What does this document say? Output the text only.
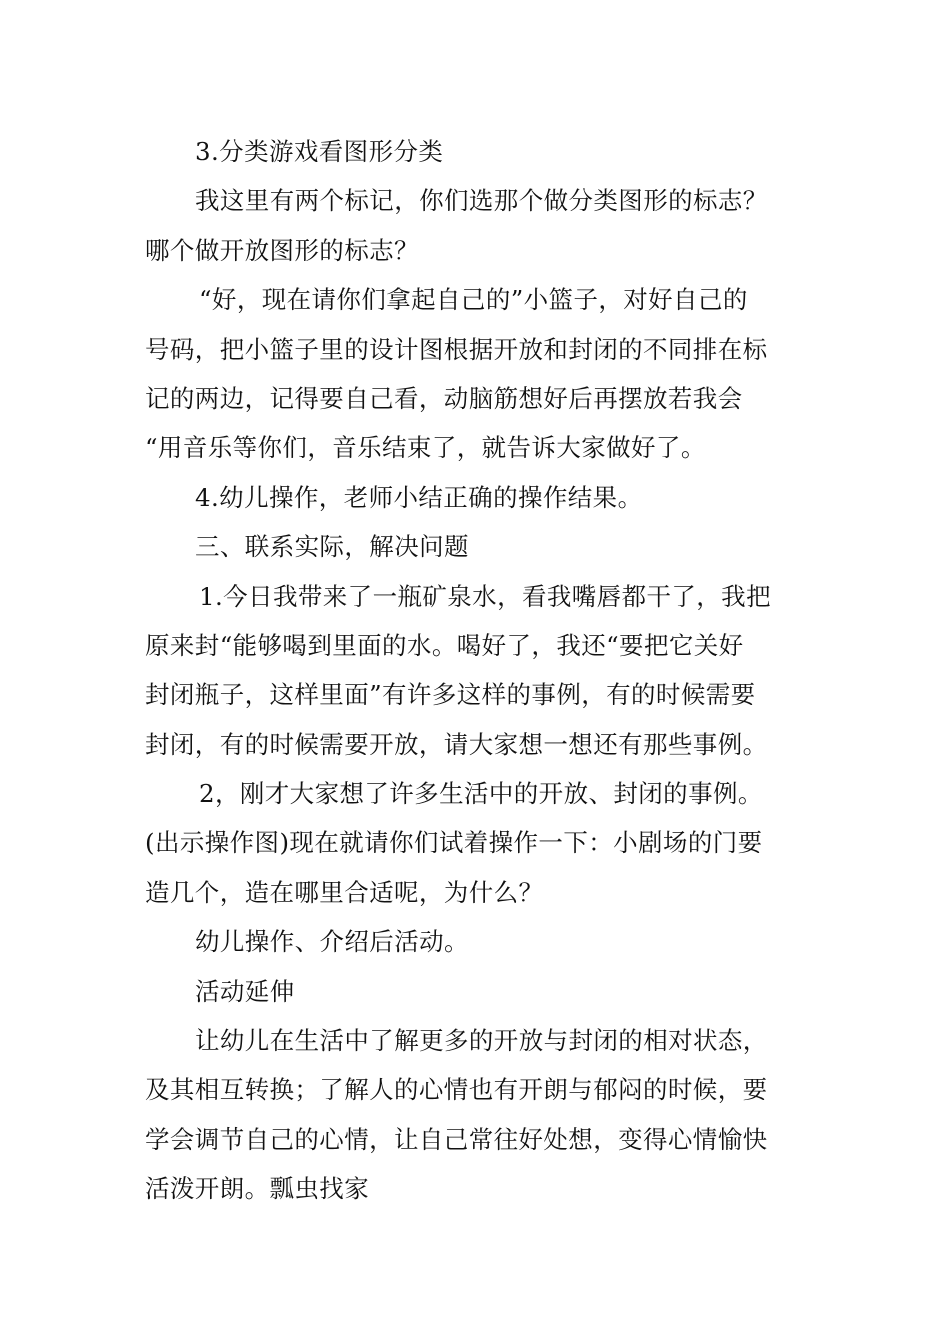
3.分类游戏看图形分类
我这里有两个标记，你们选那个做分类图形的标志？
哪个做开放图形的标志？
“好，现在请你们拿起自己的”小篮子，对好自己的
号码，把小篮子里的设计图根据开放和封闭的不同排在标
记的两边，记得要自己看，动脑筋想好后再摆放若我会
“用音乐等你们，音乐结束了，就告诉大家做好了。
4.幼儿操作，老师小结正确的操作结果。
三、联系实际，解决问题
1.今日我带来了一瓶矿泉水，看我嘴唇都干了，我把
原来封“能够喝到里面的水。喝好了，我还“要把它关好
封闭瓶子，这样里面”有许多这样的事例，有的时候需要
封闭，有的时候需要开放，请大家想一想还有那些事例。
2，刚才大家想了许多生活中的开放、封闭的事例。
(出示操作图)现在就请你们试着操作一下：小剧场的门要
造几个，造在哪里合适呢，为什么？
幼儿操作、介绍后活动。
活动延伸
让幼儿在生活中了解更多的开放与封闭的相对状态，
及其相互转换；了解人的心情也有开朗与郁闷的时候，要
学会调节自己的心情，让自己常往好处想，变得心情愉快
活泼开朗。瓢虫找家
